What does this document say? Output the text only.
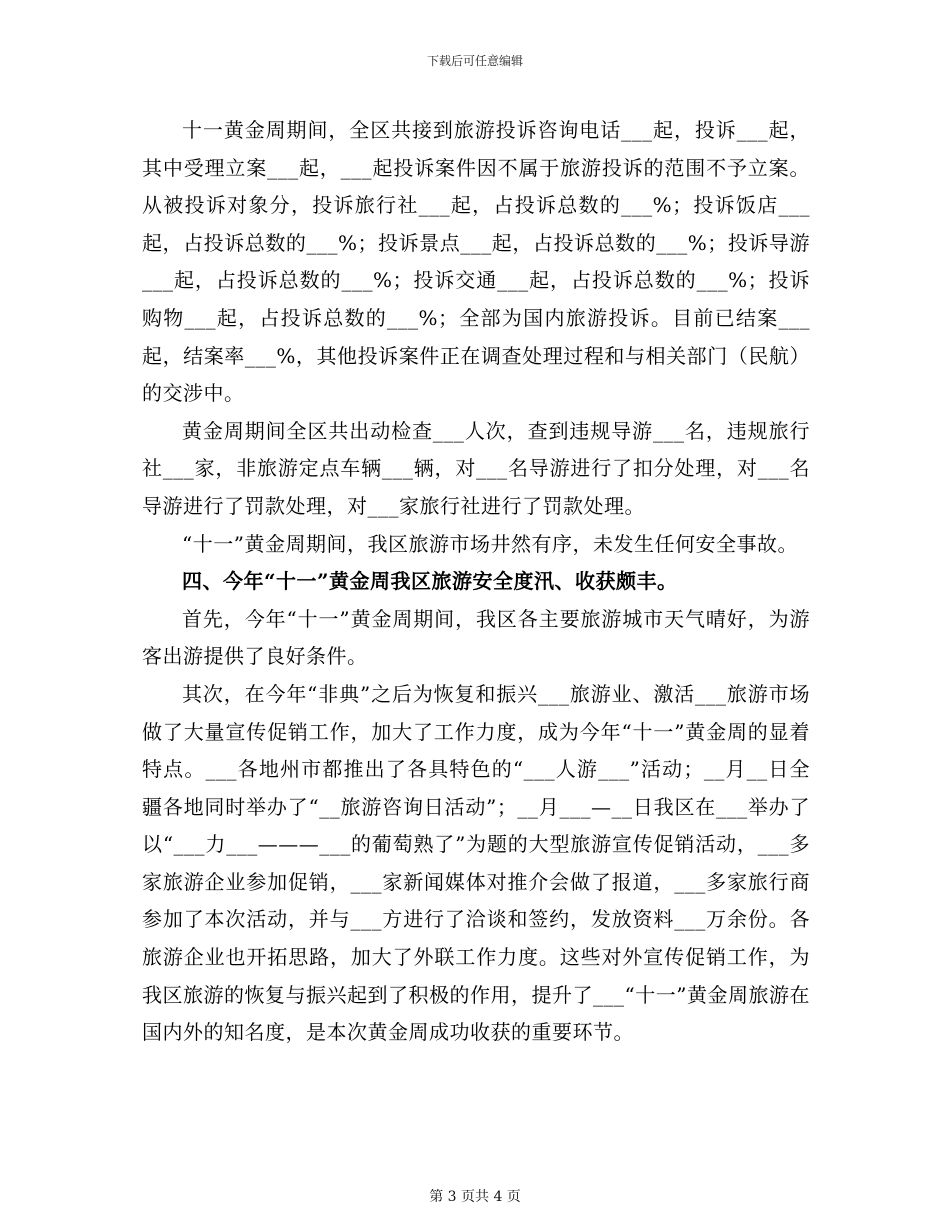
下载后可任意编辑

十一黄金周期间，全区共接到旅游投诉咨询电话___起，投诉___起，其中受理立案___起，___起投诉案件因不属于旅游投诉的范围不予立案。从被投诉对象分，投诉旅行社___起，占投诉总数的___%；投诉饭店___起，占投诉总数的___%；投诉景点___起，占投诉总数的___%；投诉导游___起，占投诉总数的___%；投诉交通___起，占投诉总数的___%；投诉购物___起，占投诉总数的___%；全部为国内旅游投诉。目前已结案___起，结案率___%，其他投诉案件正在调查处理过程和与相关部门（民航）的交涉中。

黄金周期间全区共出动检查___人次，查到违规导游___名，违规旅行社___家，非旅游定点车辆___辆，对___名导游进行了扣分处理，对___名导游进行了罚款处理，对___家旅行社进行了罚款处理。

“十一”黄金周期间，我区旅游市场井然有序，未发生任何安全事故。

四、今年“十一”黄金周我区旅游安全度汛、收获颇丰。

首先，今年“十一”黄金周期间，我区各主要旅游城市天气晴好，为游客出游提供了良好条件。

其次，在今年“非典”之后为恢复和振兴___旅游业、激活___旅游市场做了大量宣传促销工作，加大了工作力度，成为今年“十一”黄金周的显着特点。___各地州市都推出了各具特色的“___人游___”活动；__月__日全疆各地同时举办了“__旅游咨询日活动”；__月___—__日我区在___举办了以“___力___———___的葡萄熟了”为题的大型旅游宣传促销活动，___多家旅游企业参加促销，___家新闻媒体对推介会做了报道，___多家旅行商参加了本次活动，并与___方进行了洽谈和签约，发放资料___万余份。各旅游企业也开拓思路，加大了外联工作力度。这些对外宣传促销工作，为我区旅游的恢复与振兴起到了积极的作用，提升了___“十一”黄金周旅游在国内外的知名度，是本次黄金周成功收获的重要环节。

第 3 页共 4 页
